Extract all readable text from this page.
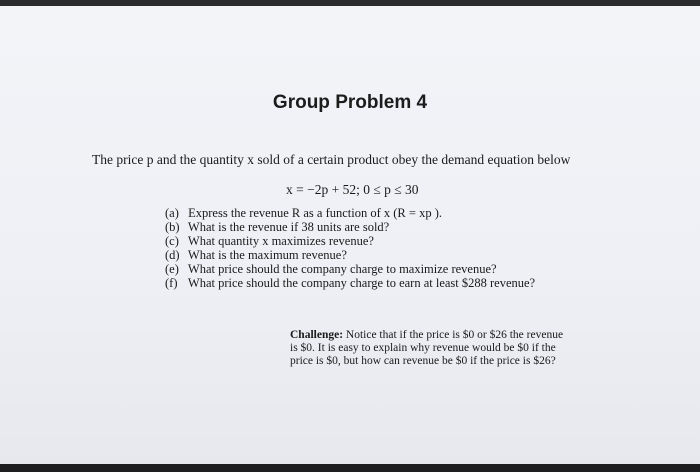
Group Problem 4
The price p and the quantity x sold of a certain product obey the demand equation below
x = −2p + 52; 0 ≤ p ≤ 30
(a) Express the revenue R as a function of x (R = xp ).
(b) What is the revenue if 38 units are sold?
(c) What quantity x maximizes revenue?
(d) What is the maximum revenue?
(e) What price should the company charge to maximize revenue?
(f) What price should the company charge to earn at least $288 revenue?
Challenge: Notice that if the price is $0 or $26 the revenue
is $0. It is easy to explain why revenue would be $0 if the
price is $0, but how can revenue be $0 if the price is $26?
